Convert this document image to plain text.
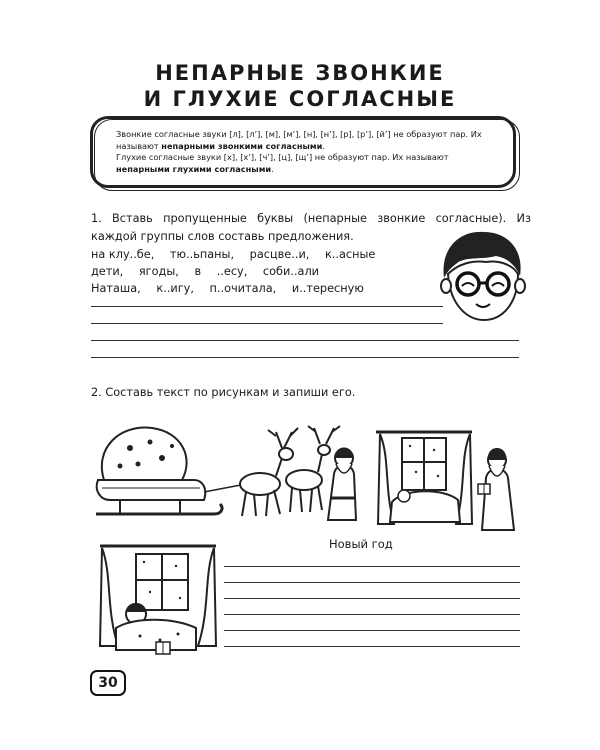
НЕПАРНЫЕ ЗВОНКИЕ
И ГЛУХИЕ СОГЛАСНЫЕ
Звонкие согласные звуки [л], [л’], [м], [м’], [н], [н’], [р], [р’], [й’] не образуют пар. Их называют непарными звонкими согласными.
Глухие согласные звуки [х], [х’], [ч’], [ц], [щ’] не образуют пар. Их называют непарными глухими согласными.
1. Вставь пропущенные буквы (непарные звонкие согласные). Из каждой группы слов составь предложения.
на клу..бе, тю..ьпаны, расцве..и, к..асные
дети, ягоды, в ..есу, соби..али
Наташа, к..игу, п..очитала, и..тересную
2. Составь текст по рисункам и запиши его.
Новый год
30
